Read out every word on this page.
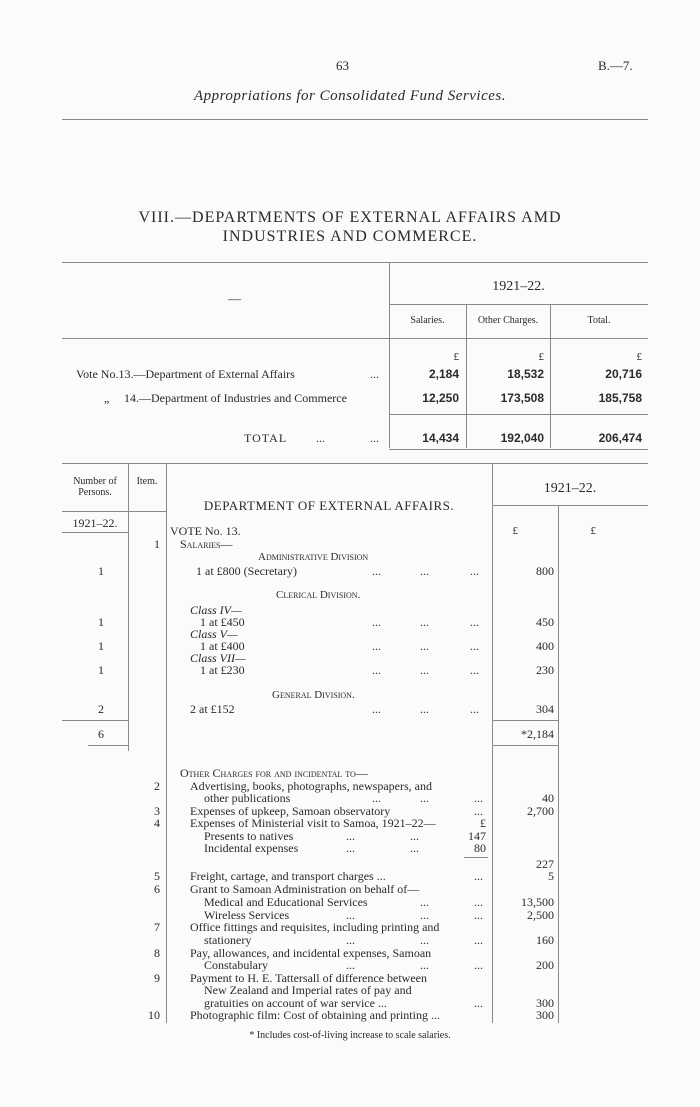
63	B.—7.
Appropriations for Consolidated Fund Services.
VIII.—DEPARTMENTS OF EXTERNAL AFFAIRS AMD
INDUSTRIES AND COMMERCE.
—
1921–22.
Salaries.	Other Charges.	Total.
£	£	£
Vote No.13.—Department of External Affairs	...	2,184	18,532	20,716
„ 14.—Department of Industries and Commerce	12,250	173,508	185,758
TOTAL ...	...	14,434	192,040	206,474
Number of Persons.
Item.	1921–22.
DEPARTMENT OF EXTERNAL AFFAIRS.
1921–22.
£	£
VOTE No. 13.
1 Salaries—
Administrative Division
1	1 at £800 (Secretary)	...	...	...	800
Clerical Division.
Class IV—
1	1 at £450	...	...	...	450
Class V—
1	1 at £400	...	...	...	400
Class VII—
1	1 at £230	...	...	...	230
General Division.
2	2 at £152	...	...	...	304
6	*2,184
Other Charges for and incidental to—
2	Advertising, books, photographs, newspapers, and
other publications	...	...	...	40
3	Expenses of upkeep, Samoan observatory	...	2,700
4	Expenses of Ministerial visit to Samoa, 1921–22—	£
Presents to natives	...	...	147
Incidental expenses	...	...	80
227
5	Freight, cartage, and transport charges ...	...	5
6	Grant to Samoan Administration on behalf of—
Medical and Educational Services	...	...	13,500
Wireless Services	...	...	...	2,500
7	Office fittings and requisites, including printing and
stationery	...	...	...	160
8	Pay, allowances, and incidental expenses, Samoan
Constabulary	...	...	...	200
9	Payment to H. E. Tattersall of difference between
New Zealand and Imperial rates of pay and
gratuities on account of war service ...	...	300
10	Photographic film: Cost of obtaining and printing ...	300
* Includes cost-of-living increase to scale salaries.
